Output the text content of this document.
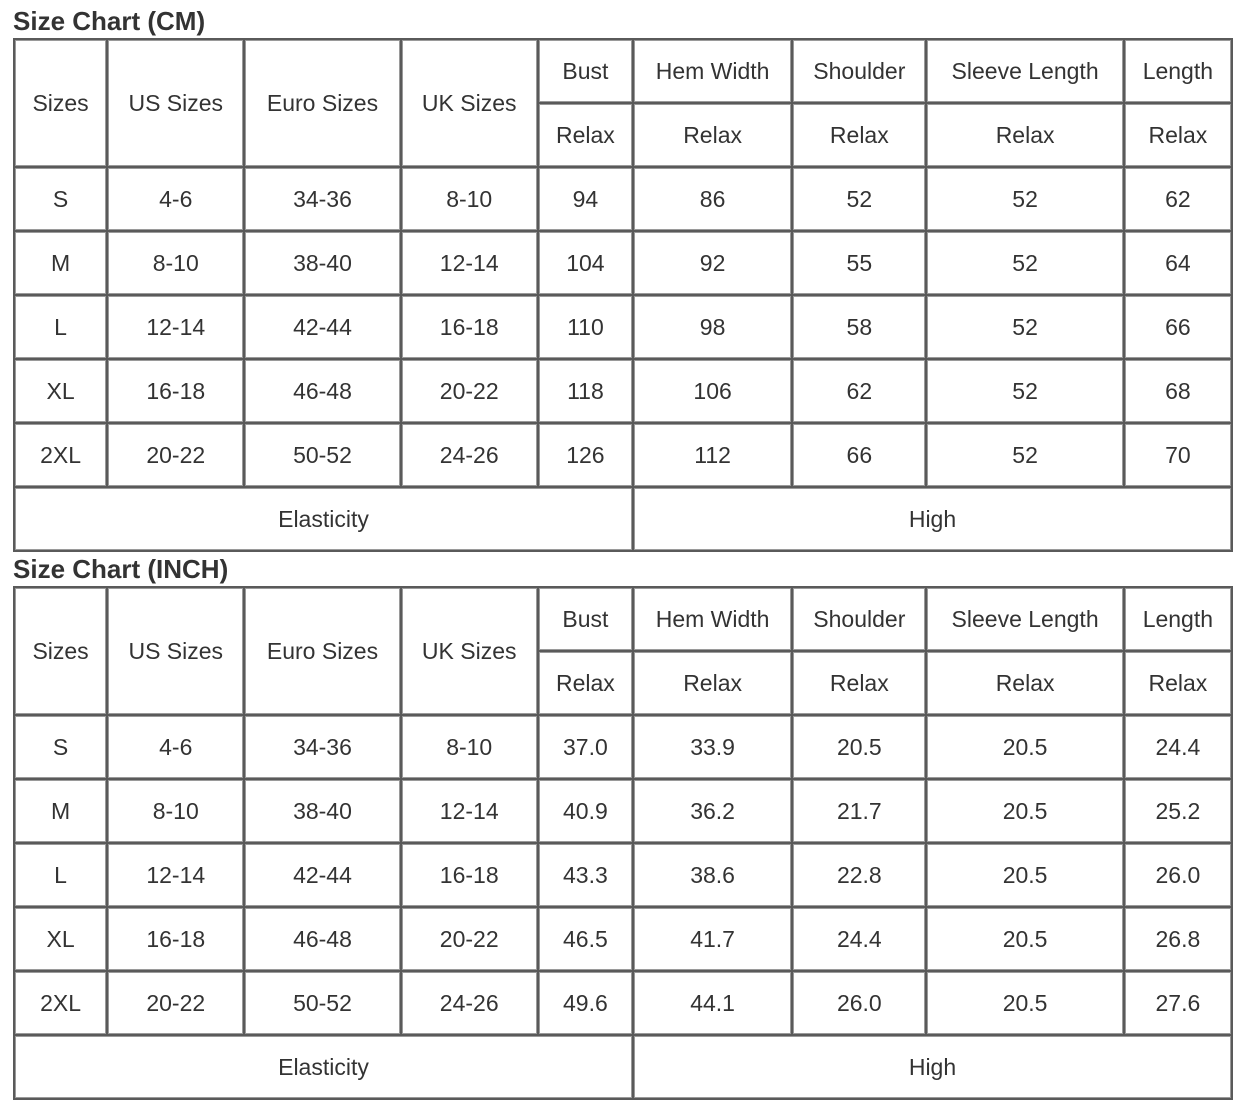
Size Chart (CM)
Sizes	US Sizes	Euro Sizes	UK Sizes	Bust	Hem Width	Shoulder	Sleeve Length	Length
				Relax	Relax	Relax	Relax	Relax
S	4-6	34-36	8-10	94	86	52	52	62
M	8-10	38-40	12-14	104	92	55	52	64
L	12-14	42-44	16-18	110	98	58	52	66
XL	16-18	46-48	20-22	118	106	62	52	68
2XL	20-22	50-52	24-26	126	112	66	52	70
Elasticity					High			
Size Chart (INCH)
Sizes	US Sizes	Euro Sizes	UK Sizes	Bust	Hem Width	Shoulder	Sleeve Length	Length
				Relax	Relax	Relax	Relax	Relax
S	4-6	34-36	8-10	37.0	33.9	20.5	20.5	24.4
M	8-10	38-40	12-14	40.9	36.2	21.7	20.5	25.2
L	12-14	42-44	16-18	43.3	38.6	22.8	20.5	26.0
XL	16-18	46-48	20-22	46.5	41.7	24.4	20.5	26.8
2XL	20-22	50-52	24-26	49.6	44.1	26.0	20.5	27.6
Elasticity					High			
